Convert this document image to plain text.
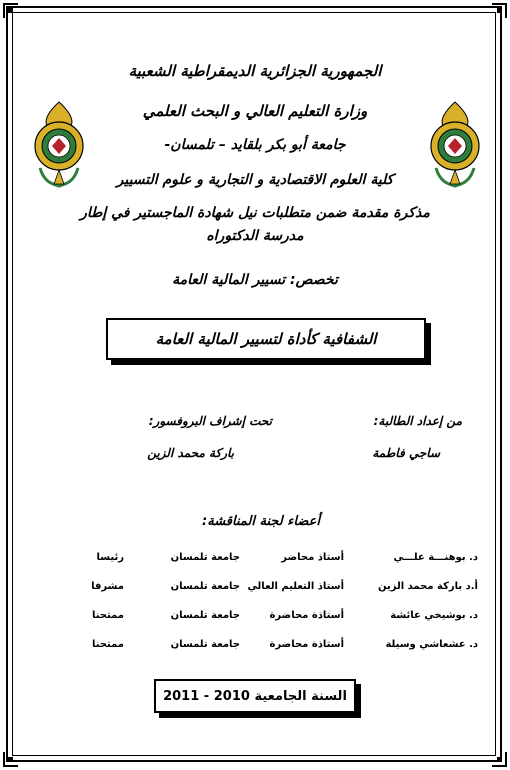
الجمهورية الجزائرية الديمقراطية الشعبية
وزارة التعليم العالي و البحث العلمي
جامعة أبو بكر بلقايد – تلمسان-
كلية العلوم الاقتصادية و التجارية و علوم التسيير
مذكرة مقدمة ضمن متطلبات نيل شهادة الماجستير في إطار
مدرسة الدكتوراه
تخصص: تسيير المالية العامة
الشفافية كأداة لتسيير المالية العامة
من إعداد الطالبة:
ساجي فاطمة
تحت إشراف البروفسور:
باركة محمد الزين
أعضاء لجنة المناقشة:
د. بوهنـــة علـــي	أستاذ محاضر	جامعة تلمسان	رئيسا
أ.د باركة محمد الزين	أستاذ التعليم العالي	جامعة تلمسان	مشرفا
د. بوشيخي عائشة	أستاذة محاضرة	جامعة تلمسان	ممتحنا
د. عشعاشي وسيلة	أستاذة محاضرة	جامعة تلمسان	ممتحنا
السنة الجامعية 2010 - 2011
